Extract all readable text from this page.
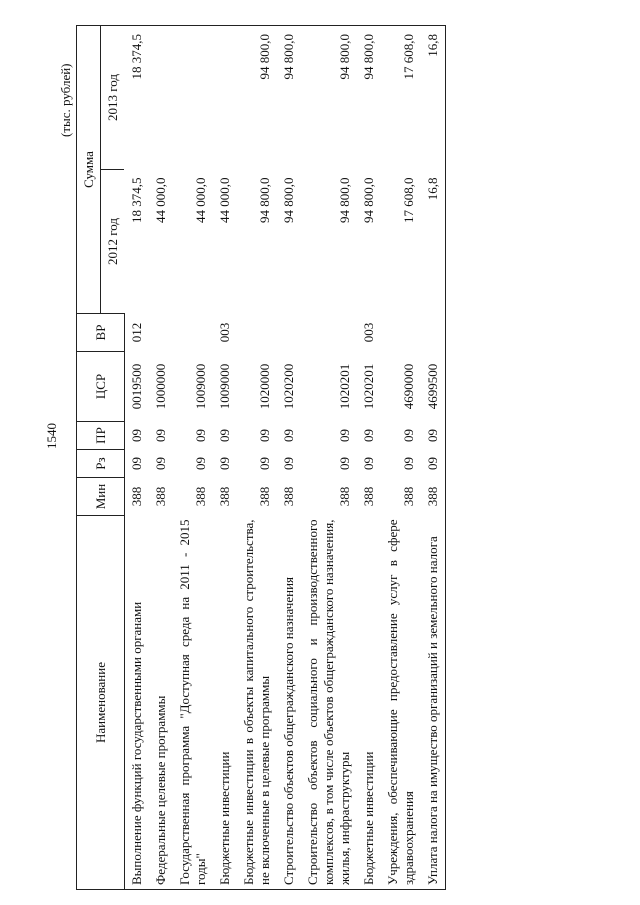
1540
(тыс. рублей)
Наименование	Мин	Рз	ПР	ЦСР	ВР	Сумма	
						2012 год	2013 год
Выполнение функций государственными органами	388	09	09	0019500	012	18 374,5	18 374,5
Федеральные целевые программы	388	09	09	1000000		44 000,0	
Государственная программа "Доступная среда на 2011 - 2015 годы"	388	09	09	1009000		44 000,0	
Бюджетные инвестиции	388	09	09	1009000	003	44 000,0	
Бюджетные инвестиции в объекты капитального строительства, не включенные в целевые программы	388	09	09	1020000		94 800,0	94 800,0
Строительство объектов общегражданского назначения	388	09	09	1020200		94 800,0	94 800,0
Строительство объектов социального и производственного комплексов, в том числе объектов общегражданского назначения, жилья, инфраструктуры	388	09	09	1020201		94 800,0	94 800,0
Бюджетные инвестиции	388	09	09	1020201	003	94 800,0	94 800,0
Учреждения, обеспечивающие предоставление услуг в сфере здравоохранения	388	09	09	4690000		17 608,0	17 608,0
Уплата налога на имущество организаций и земельного налога	388	09	09	4699500		16,8	16,8
